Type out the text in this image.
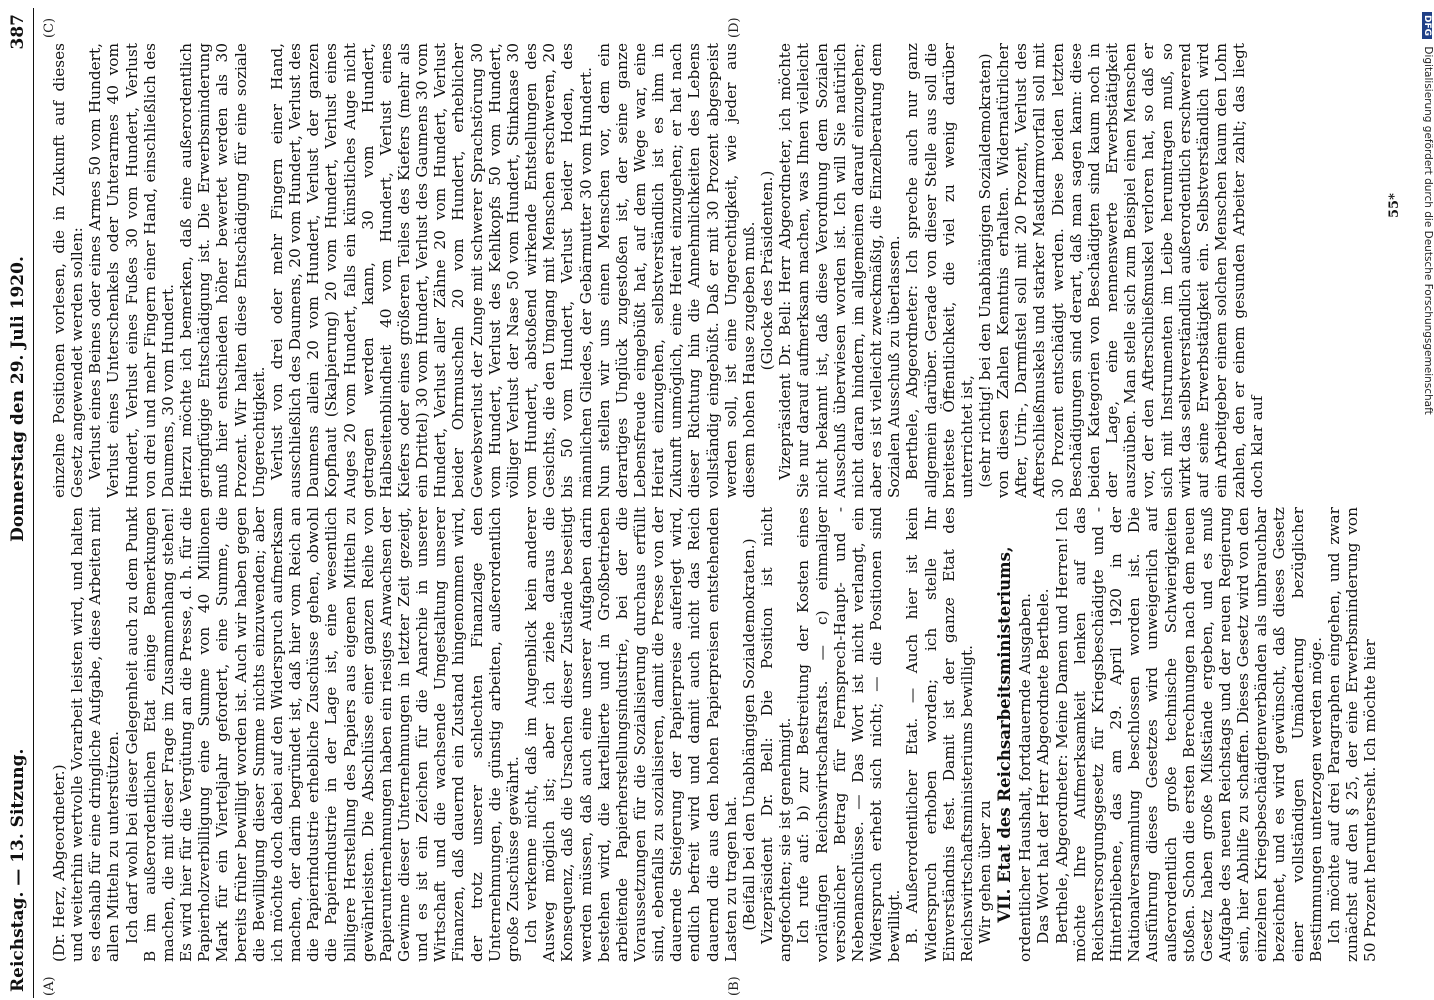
Reichstag. — 13. Sitzung.
Donnerstag den 29. Juli 1920.
387
(A)	(B)
(C)	(D)

(Dr. Herz, Abgeordneter.) und weiterhin wertvolle Vorarbeit leisten wird, und halten es deshalb für eine dringliche Aufgabe, diese Arbeiten mit allen Mitteln zu unterstützen. Ich darf wohl bei dieser Gelegenheit auch zu dem Punkt B im außerordentlichen Etat einige Bemerkungen machen, die mit dieser Frage im Zusammenhang stehen! Es wird hier für die Vergütung an die Presse, d. h. für die Papierholzverbilligung eine Summe von 40 Millionen Mark für ein Vierteljahr gefordert, eine Summe, die bereits früher bewilligt worden ist. Auch wir haben gegen die Bewilligung dieser Summe nichts einzuwenden; aber ich möchte doch dabei auf den Widerspruch aufmerksam machen, der darin begründet ist, daß hier vom Reich an die Papierindustrie erhebliche Zuschüsse gehen, obwohl die Papierindustrie in der Lage ist, eine wesentlich billigere Herstellung des Papiers aus eigenen Mitteln zu gewährleisten. Die Abschlüsse einer ganzen Reihe von Papierunternehmungen haben ein riesiges Anwachsen der Gewinne dieser Unternehmungen in letzter Zeit gezeigt, und es ist ein Zeichen für die Anarchie in unserer Wirtschaft und die wachsende Umgestaltung unserer Finanzen, daß dauernd ein Zustand hingenommen wird, der trotz unserer schlechten Finanzlage den Unternehmungen, die günstig arbeiten, außerordentlich große Zuschüsse gewährt. Ich verkenne nicht, daß im Augenblick kein anderer Ausweg möglich ist; aber ich ziehe daraus die Konsequenz, daß die Ursachen dieser Zustände beseitigt werden müssen, daß auch eine unserer Aufgaben darin bestehen wird, die kartellierte und in Großbetrieben arbeitende Papierherstellungsindustrie, bei der die Voraussetzungen für die Sozialisierung durchaus erfüllt sind, ebenfalls zu sozialisieren, damit die Presse von der dauernde Steigerung der Papierpreise auferlegt wird, endlich befreit wird und damit auch nicht das Reich dauernd die aus den hohen Papierpreisen entstehenden Lasten zu tragen hat. (Beifall bei den Unabhängigen Sozialdemokraten.) Vizepräsident Dr. Bell: Die Position ist nicht angefochten; sie ist genehmigt. Ich rufe auf: b) zur Bestreitung der Kosten eines vorläufigen Reichswirtschaftsrats. — c) einmaliger versönlicher Betrag für Fernsprech-Haupt- und -Nebenanschlüsse. — Das Wort ist nicht verlangt, ein Widerspruch erhebt sich nicht; — die Positionen sind bewilligt. B. Außerordentlicher Etat. — Auch hier ist kein Widerspruch erhoben worden; ich stelle Ihr Einverständnis fest. Damit ist der ganze Etat des Reichswirtschaftsministeriums bewilligt. Wir gehen über zu VII. Etat des Reichsarbeitsministeriums, ordentlicher Haushalt, fortdauernde Ausgaben. Das Wort hat der Herr Abgeordnete Berthele. Berthele, Abgeordneter: Meine Damen und Herren! Ich möchte Ihre Aufmerksamkeit lenken auf das Reichsversorgungsgesetz für Kriegsbeschädigte und -Hinterbliebene, das am 29. April 1920 in der Nationalversammlung beschlossen worden ist. Die Ausführung dieses Gesetzes wird unweigerlich auf außerordentlich große technische Schwierigkeiten stoßen. Schon die ersten Berechnungen nach dem neuen Gesetz haben große Mißstände ergeben, und es muß Aufgabe des neuen Reichstags und der neuen Regierung sein, hier Abhilfe zu schaffen. Dieses Gesetz wird von den einzelnen Kriegsbeschädigtenverbänden als unbrauchbar bezeichnet, und es wird gewünscht, daß dieses Gesetz einer vollständigen Umänderung bezüglicher Bestimmungen unterzogen werden möge. Ich möchte auf drei Paragraphen eingehen, und zwar zunächst auf den § 25, der eine Erwerbsminderung von 50 Prozent herunterseht. Ich möchte hier

einzelne Positionen vorlesen, die in Zukunft auf dieses Gesetz angewendet werden sollen: Verlust eines Beines oder eines Armes 50 vom Hundert, Verlust eines Unterschenkels oder Unterarmes 40 vom Hundert, Verlust eines Fußes 30 vom Hundert, Verlust von drei und mehr Fingern einer Hand, einschließlich des Daumens, 30 vom Hundert. Hierzu möchte ich bemerken, daß eine außerordentlich geringfügige Entschädigung ist. Die Erwerbsminderung muß hier entschieden höher bewertet werden als 30 Prozent. Wir halten diese Entschädigung für eine soziale Ungerechtigkeit. Verlust von drei oder mehr Fingern einer Hand, ausschließlich des Daumens, 20 vom Hundert, Verlust des Daumens allein 20 vom Hundert, Verlust der ganzen Kopfhaut (Skalpierung) 20 vom Hundert, Verlust eines Auges 20 vom Hundert, falls ein künstliches Auge nicht getragen werden kann, 30 vom Hundert, Halbseitenblindheit 40 vom Hundert, Verlust eines Kiefers oder eines größeren Teiles des Kiefers (mehr als ein Drittel) 30 vom Hundert, Verlust des Gaumens 30 vom Hundert, Verlust aller Zähne 20 vom Hundert, Verlust beider Ohrmuscheln 20 vom Hundert, erheblicher Gewebsverlust der Zunge mit schwerer Sprachstörung 30 vom Hundert, Verlust des Kehlkopfs 50 vom Hundert, völliger Verlust der Nase 50 vom Hundert, Stinknase 30 vom Hundert, abstoßend wirkende Entstellungen des Gesichts, die den Umgang mit Menschen erschweren, 20 bis 50 vom Hundert, Verlust beider Hoden, des männlichen Gliedes, der Gebärmutter 30 vom Hundert. Nun stellen wir uns einen Menschen vor, dem ein derartiges Unglück zugestoßen ist, der seine ganze Lebensfreude eingebüßt hat, auf dem Wege war, eine Heirat einzugehen, selbstverständlich ist es ihm in Zukunft unmöglich, eine Heirat einzugehen; er hat nach dieser Richtung hin die Annehmlichkeiten des Lebens vollständig eingebüßt. Daß er mit 30 Prozent abgespeist werden soll, ist eine Ungerechtigkeit, wie jeder aus diesem hohen Hause zugeben muß. (Glocke des Präsidenten.) Vizepräsident Dr. Bell: Herr Abgeordneter, ich möchte Sie nur darauf aufmerksam machen, was Ihnen vielleicht nicht bekannt ist, daß diese Verordnung dem Sozialen Ausschuß überwiesen worden ist. Ich will Sie natürlich nicht daran hindern, im allgemeinen darauf einzugehen; aber es ist vielleicht zweckmäßig, die Einzelberatung dem Sozialen Ausschuß zu überlassen. Berthele, Abgeordneter: Ich spreche auch nur ganz allgemein darüber. Gerade von dieser Stelle aus soll die breiteste Öffentlichkeit, die viel zu wenig darüber unterrichtet ist, (sehr richtig! bei den Unabhängigen Sozialdemokraten) von diesen Zahlen Kenntnis erhalten. Widernatürlicher After, Urin-, Darmfistel soll mit 20 Prozent, Verlust des Afterschließmuskels und starker Mastdarmvorfall soll mit 30 Prozent entschädigt werden. Diese beiden letzten Beschädigungen sind derart, daß man sagen kann: diese beiden Kategorien von Beschädigten sind kaum noch in der Lage, eine nennenswerte Erwerbstätigkeit auszuüben. Man stelle sich zum Beispiel einen Menschen vor, der den Afterschließmuskel verloren hat, so daß er sich mit Instrumenten im Leibe herumtragen muß, so wirkt das selbstverständlich außerordentlich erschwerend auf seine Erwerbstätigkeit ein. Selbstverständlich wird ein Arbeitgeber einem solchen Menschen kaum den Lohn zahlen, den er einem gesunden Arbeiter zahlt; das liegt doch klar auf

55*
DFG Digitalisierung gefördert durch die Deutsche Forschungsgemeinschaft
